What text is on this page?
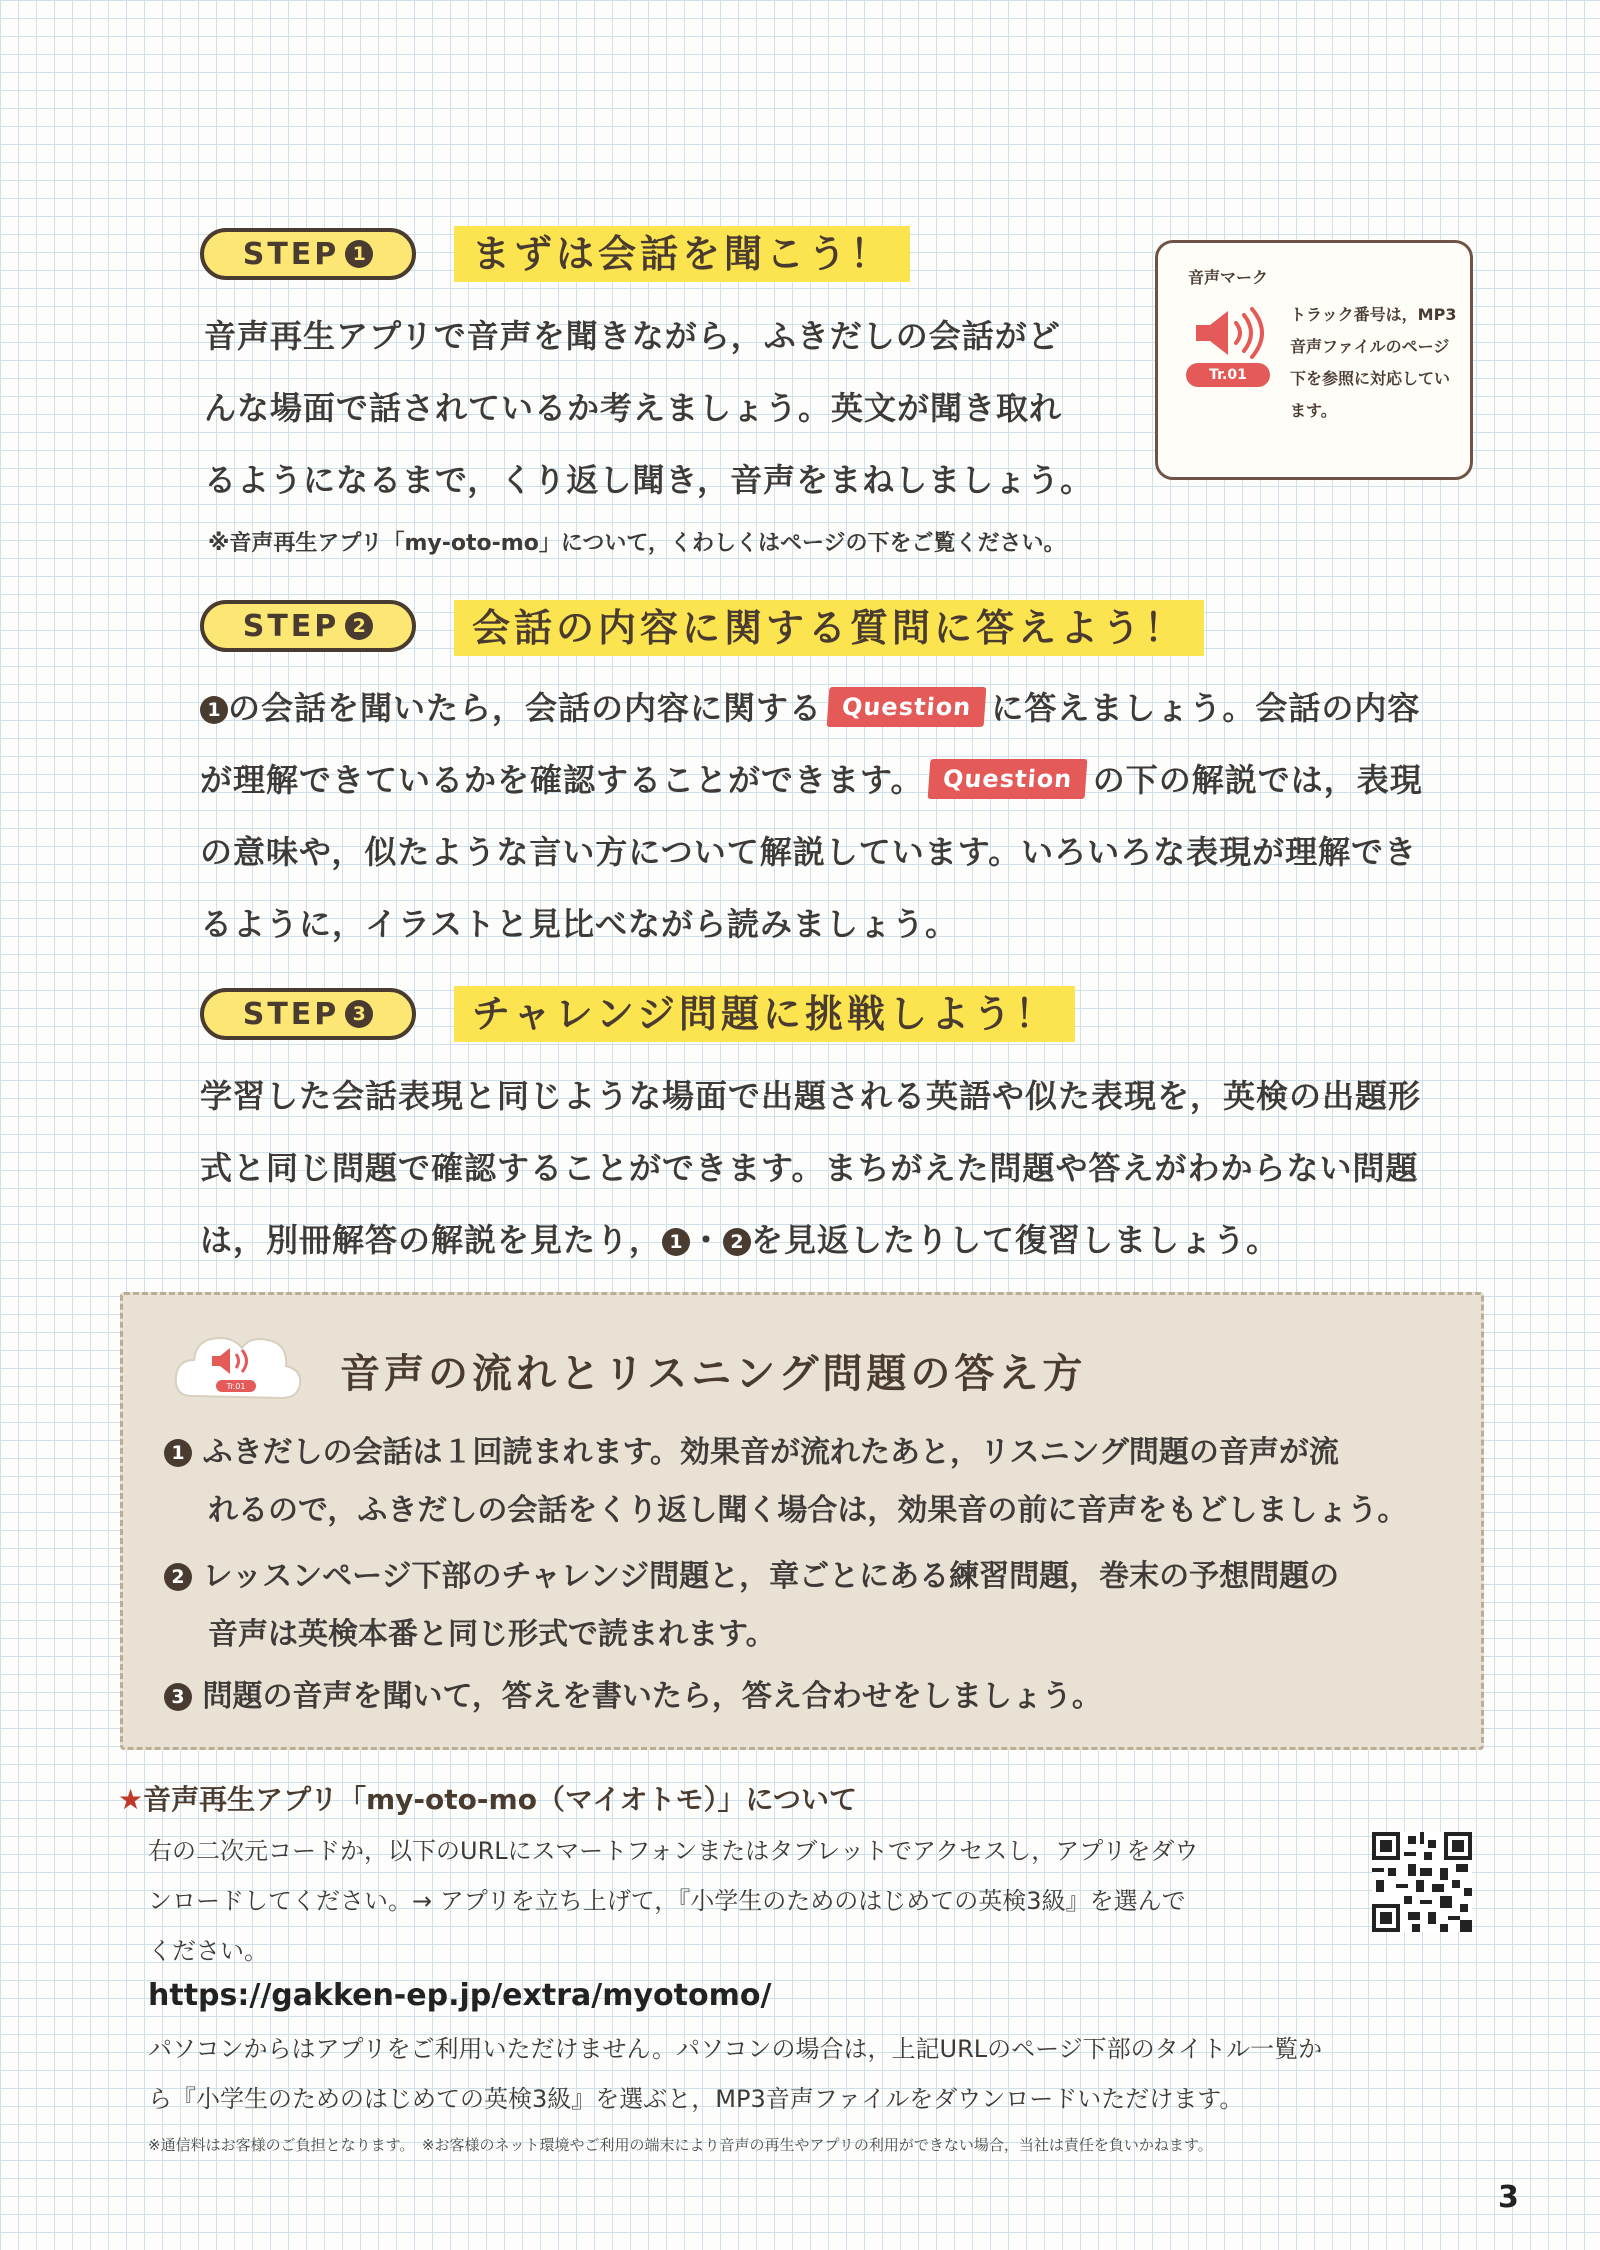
STEP 1	まずは会話を聞こう！
音声再生アプリで音声を聞きながら，ふきだしの会話がど
んな場面で話されているか考えましょう。英文が聞き取れ
るようになるまで，くり返し聞き，音声をまねしましょう。
※音声再生アプリ「my-oto-mo」について，くわしくはページの下をご覧ください。
音声マーク
Tr.01
トラック番号は，MP3音声ファイルのページ下を参照に対応しています。
STEP 2	会話の内容に関する質問に答えよう！
1 の会話を聞いたら，会話の内容に関する Question に答えましょう。会話の内容
が理解できているかを確認することができます。 Question の下の解説では，表現
の意味や，似たような言い方について解説しています。いろいろな表現が理解でき
るように，イラストと見比べながら読みましょう。
STEP 3	チャレンジ問題に挑戦しよう！
学習した会話表現と同じような場面で出題される英語や似た表現を，英検の出題形
式と同じ問題で確認することができます。まちがえた問題や答えがわからない問題
は，別冊解答の解説を見たり， 1 ・ 2 を見返したりして復習しましょう。
Tr.01 音声の流れとリスニング問題の答え方
1 ふきだしの会話は１回読まれます。効果音が流れたあと，リスニング問題の音声が流
れるので，ふきだしの会話をくり返し聞く場合は，効果音の前に音声をもどしましょう。
2 レッスンページ下部のチャレンジ問題と，章ごとにある練習問題，巻末の予想問題の
音声は英検本番と同じ形式で読まれます。
3 問題の音声を聞いて，答えを書いたら，答え合わせをしましょう。
★音声再生アプリ「my-oto-mo（マイオトモ）」について
右の二次元コードか，以下のURLにスマートフォンまたはタブレットでアクセスし，アプリをダウ
ンロードしてください。→ アプリを立ち上げて，『小学生のためのはじめての英検3級』を選んで
ください。
https://gakken-ep.jp/extra/myotomo/
パソコンからはアプリをご利用いただけません。パソコンの場合は，上記URLのページ下部のタイトル一覧か
ら『小学生のためのはじめての英検3級』を選ぶと，MP3音声ファイルをダウンロードいただけます。
※通信料はお客様のご負担となります。　※お客様のネット環境やご利用の端末により音声の再生やアプリの利用ができない場合，当社は責任を負いかねます。
3
